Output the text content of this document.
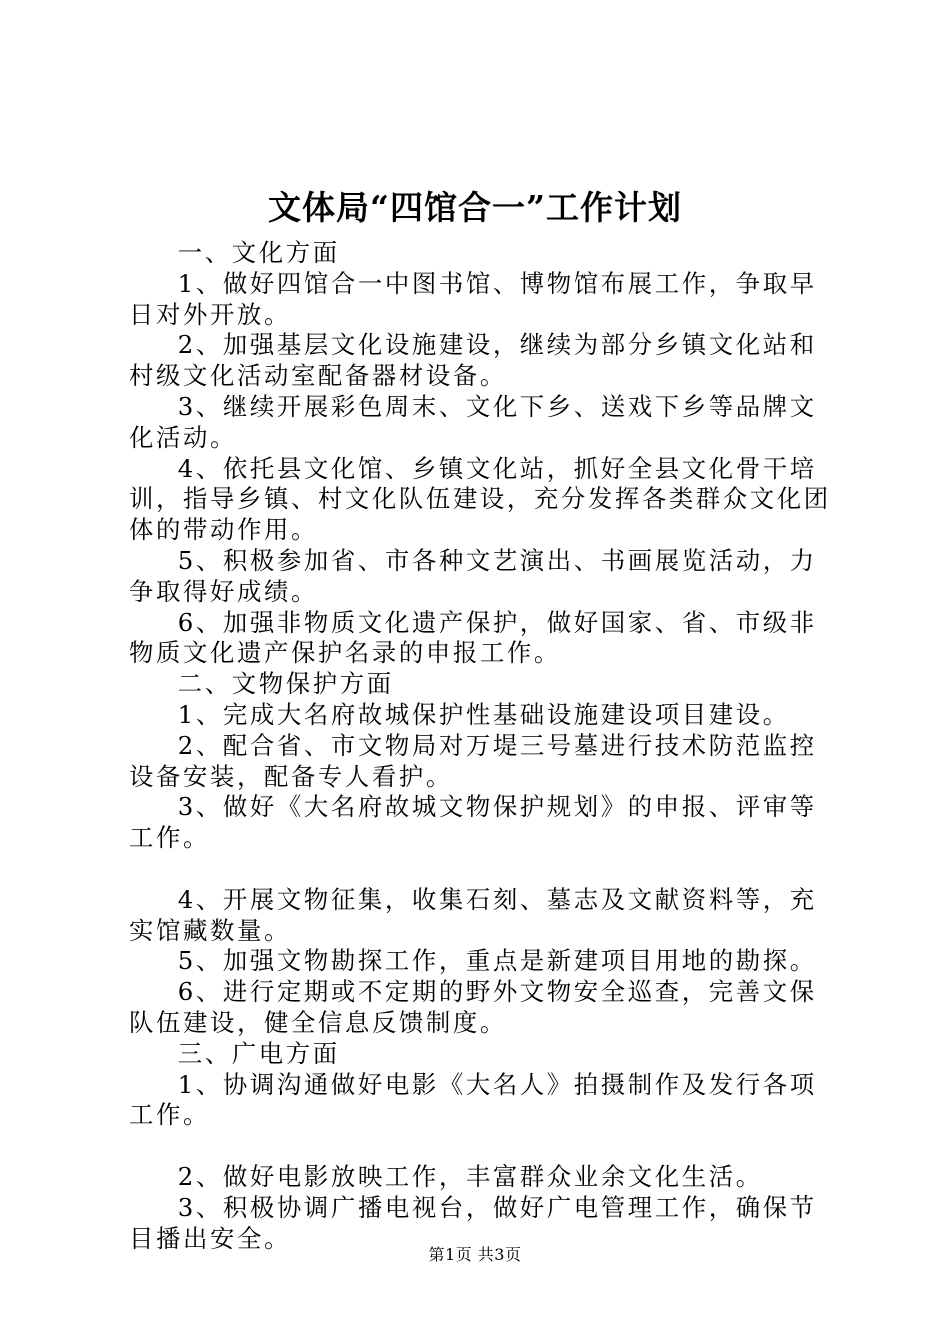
文体局“四馆合一”工作计划

一、文化方面

1、做好四馆合一中图书馆、博物馆布展工作，争取早日对外开放。

2、加强基层文化设施建设，继续为部分乡镇文化站和村级文化活动室配备器材设备。

3、继续开展彩色周末、文化下乡、送戏下乡等品牌文化活动。

4、依托县文化馆、乡镇文化站，抓好全县文化骨干培训，指导乡镇、村文化队伍建设，充分发挥各类群众文化团体的带动作用。

5、积极参加省、市各种文艺演出、书画展览活动，力争取得好成绩。

6、加强非物质文化遗产保护，做好国家、省、市级非物质文化遗产保护名录的申报工作。

二、文物保护方面

1、完成大名府故城保护性基础设施建设项目建设。

2、配合省、市文物局对万堤三号墓进行技术防范监控设备安装，配备专人看护。

3、做好《大名府故城文物保护规划》的申报、评审等工作。

4、开展文物征集，收集石刻、墓志及文献资料等，充实馆藏数量。

5、加强文物勘探工作，重点是新建项目用地的勘探。

6、进行定期或不定期的野外文物安全巡查，完善文保队伍建设，健全信息反馈制度。

三、广电方面

1、协调沟通做好电影《大名人》拍摄制作及发行各项工作。

2、做好电影放映工作，丰富群众业余文化生活。

3、积极协调广播电视台，做好广电管理工作，确保节目播出安全。

第1页 共3页
